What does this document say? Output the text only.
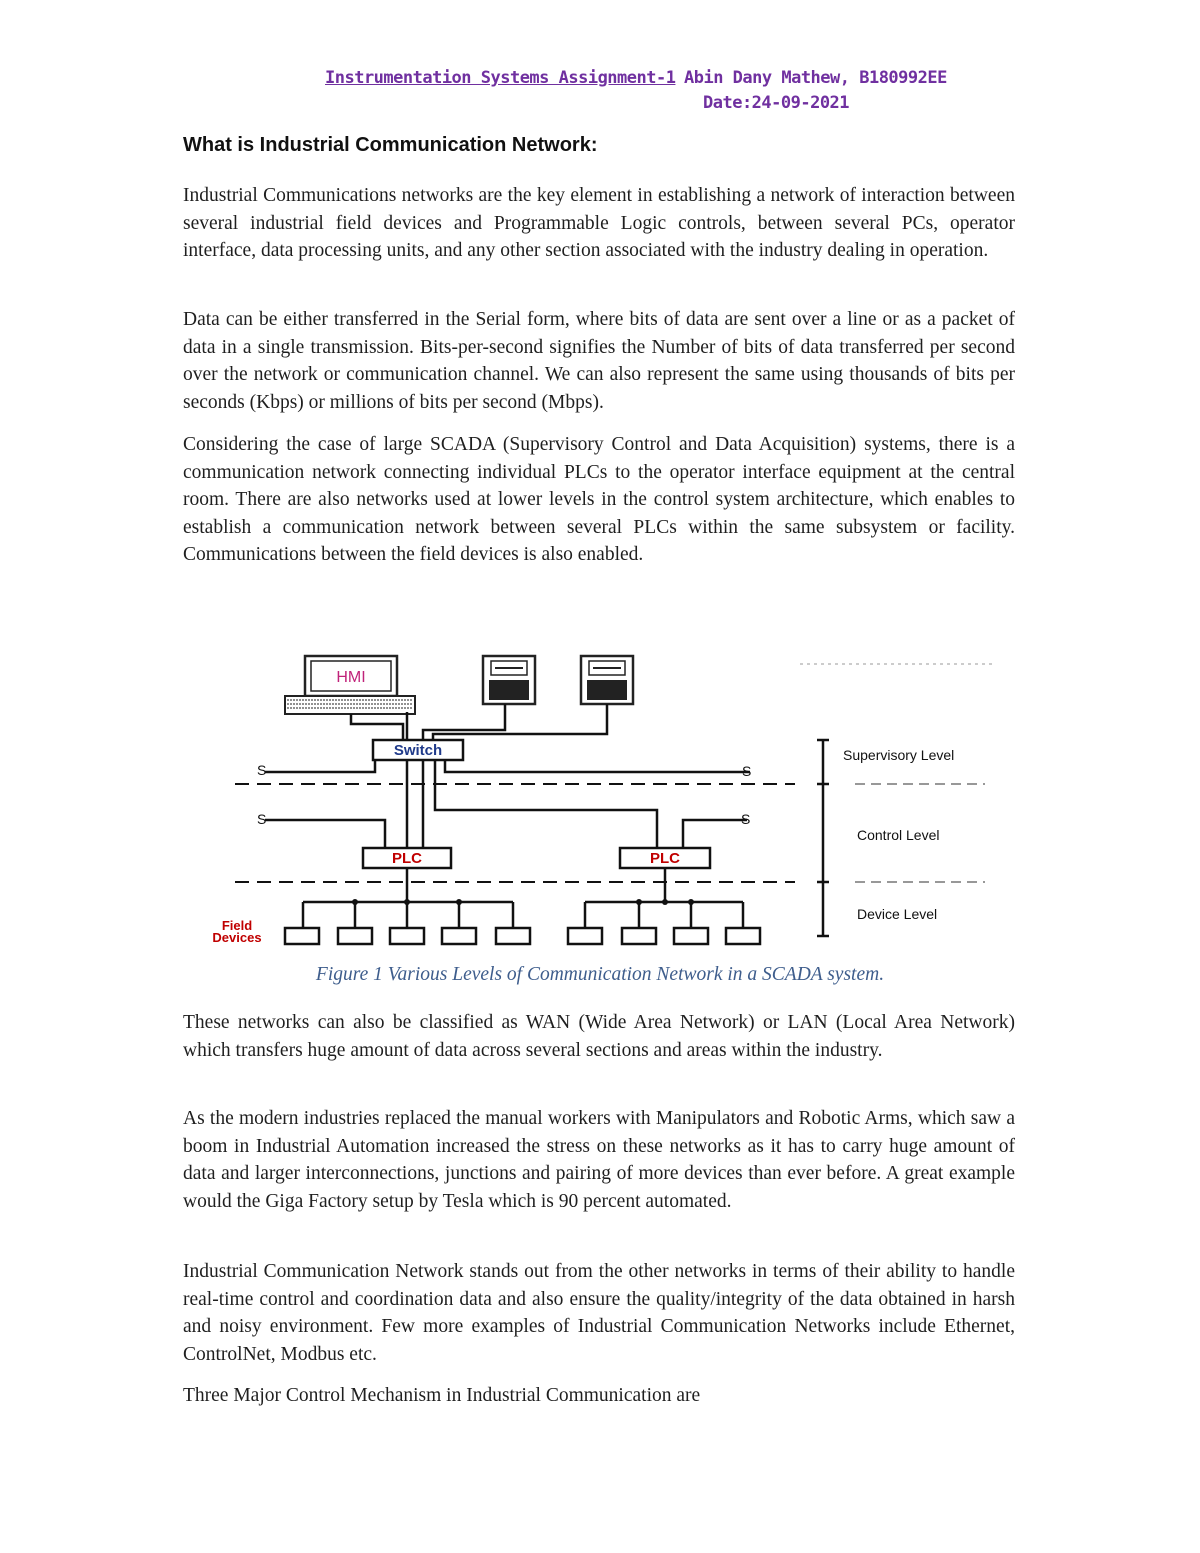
Instrumentation Systems Assignment-1 Abin Dany Mathew, B180992EE
Date:24-09-2021
What is Industrial Communication Network:

Industrial Communications networks are the key element in establishing a network of interaction between several industrial field devices and Programmable Logic controls, between several PCs, operator interface, data processing units, and any other section associated with the industry dealing in operation.

Data can be either transferred in the Serial form, where bits of data are sent over a line or as a packet of data in a single transmission. Bits-per-second signifies the Number of bits of data transferred per second over the network or communication channel. We can also represent the same using thousands of bits per seconds (Kbps) or millions of bits per second (Mbps).

Considering the case of large SCADA (Supervisory Control and Data Acquisition) systems, there is a communication network connecting individual PLCs to the operator interface equipment at the central room. There are also networks used at lower levels in the control system architecture, which enables to establish a communication network between several PLCs within the same subsystem or facility. Communications between the field devices is also enabled.

HMI
Switch
S	S
S	S
PLC	PLC
Field
Devices
Supervisory Level
Control Level
Device Level
Figure 1 Various Levels of Communication Network in a SCADA system.

These networks can also be classified as WAN (Wide Area Network) or LAN (Local Area Network) which transfers huge amount of data across several sections and areas within the industry.

As the modern industries replaced the manual workers with Manipulators and Robotic Arms, which saw a boom in Industrial Automation increased the stress on these networks as it has to carry huge amount of data and larger interconnections, junctions and pairing of more devices than ever before. A great example would the Giga Factory setup by Tesla which is 90 percent automated.

Industrial Communication Network stands out from the other networks in terms of their ability to handle real-time control and coordination data and also ensure the quality/integrity of the data obtained in harsh and noisy environment. Few more examples of Industrial Communication Networks include Ethernet, ControlNet, Modbus etc.

Three Major Control Mechanism in Industrial Communication are
